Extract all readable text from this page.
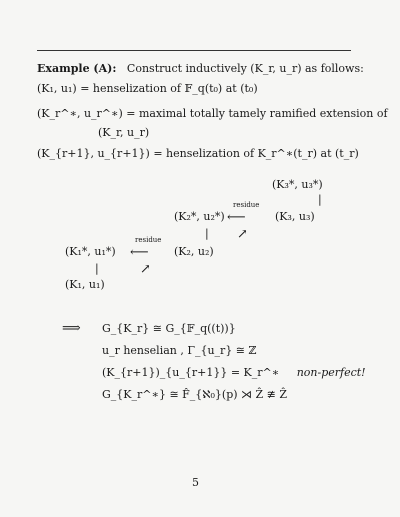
Example (A): Construct inductively (K_r, u_r) as follows:
(K₁, u₁) = henselization of 𝔽_q(t₀) at (t₀)
(K_r^∗, u_r^∗) = maximal totally tamely ramified extension of
(K_r, u_r)
(K_{r+1}, u_{r+1}) = henselization of K_r^∗(t_r) at (t_r)
(K₃*, u₃*)
|
(K₃, u₃)
(K₂*, u₂*)
residue
⟵
| ↗
(K₂, u₂)
(K₁*, u₁*)
residue
⟵
|	↗
(K₁, u₁)
⟹ G_{K_r} ≅ G_{𝔽_q((t))}
u_r henselian , Γ_{u_r} ≅ ℤ
(K_{r+1})_{u_{r+1}} = K_r^∗ non-perfect!
G_{K_r^∗} ≅ F̂_{ℵ₀}(p) ⋊ Ẑ ≇ Ẑ
5
